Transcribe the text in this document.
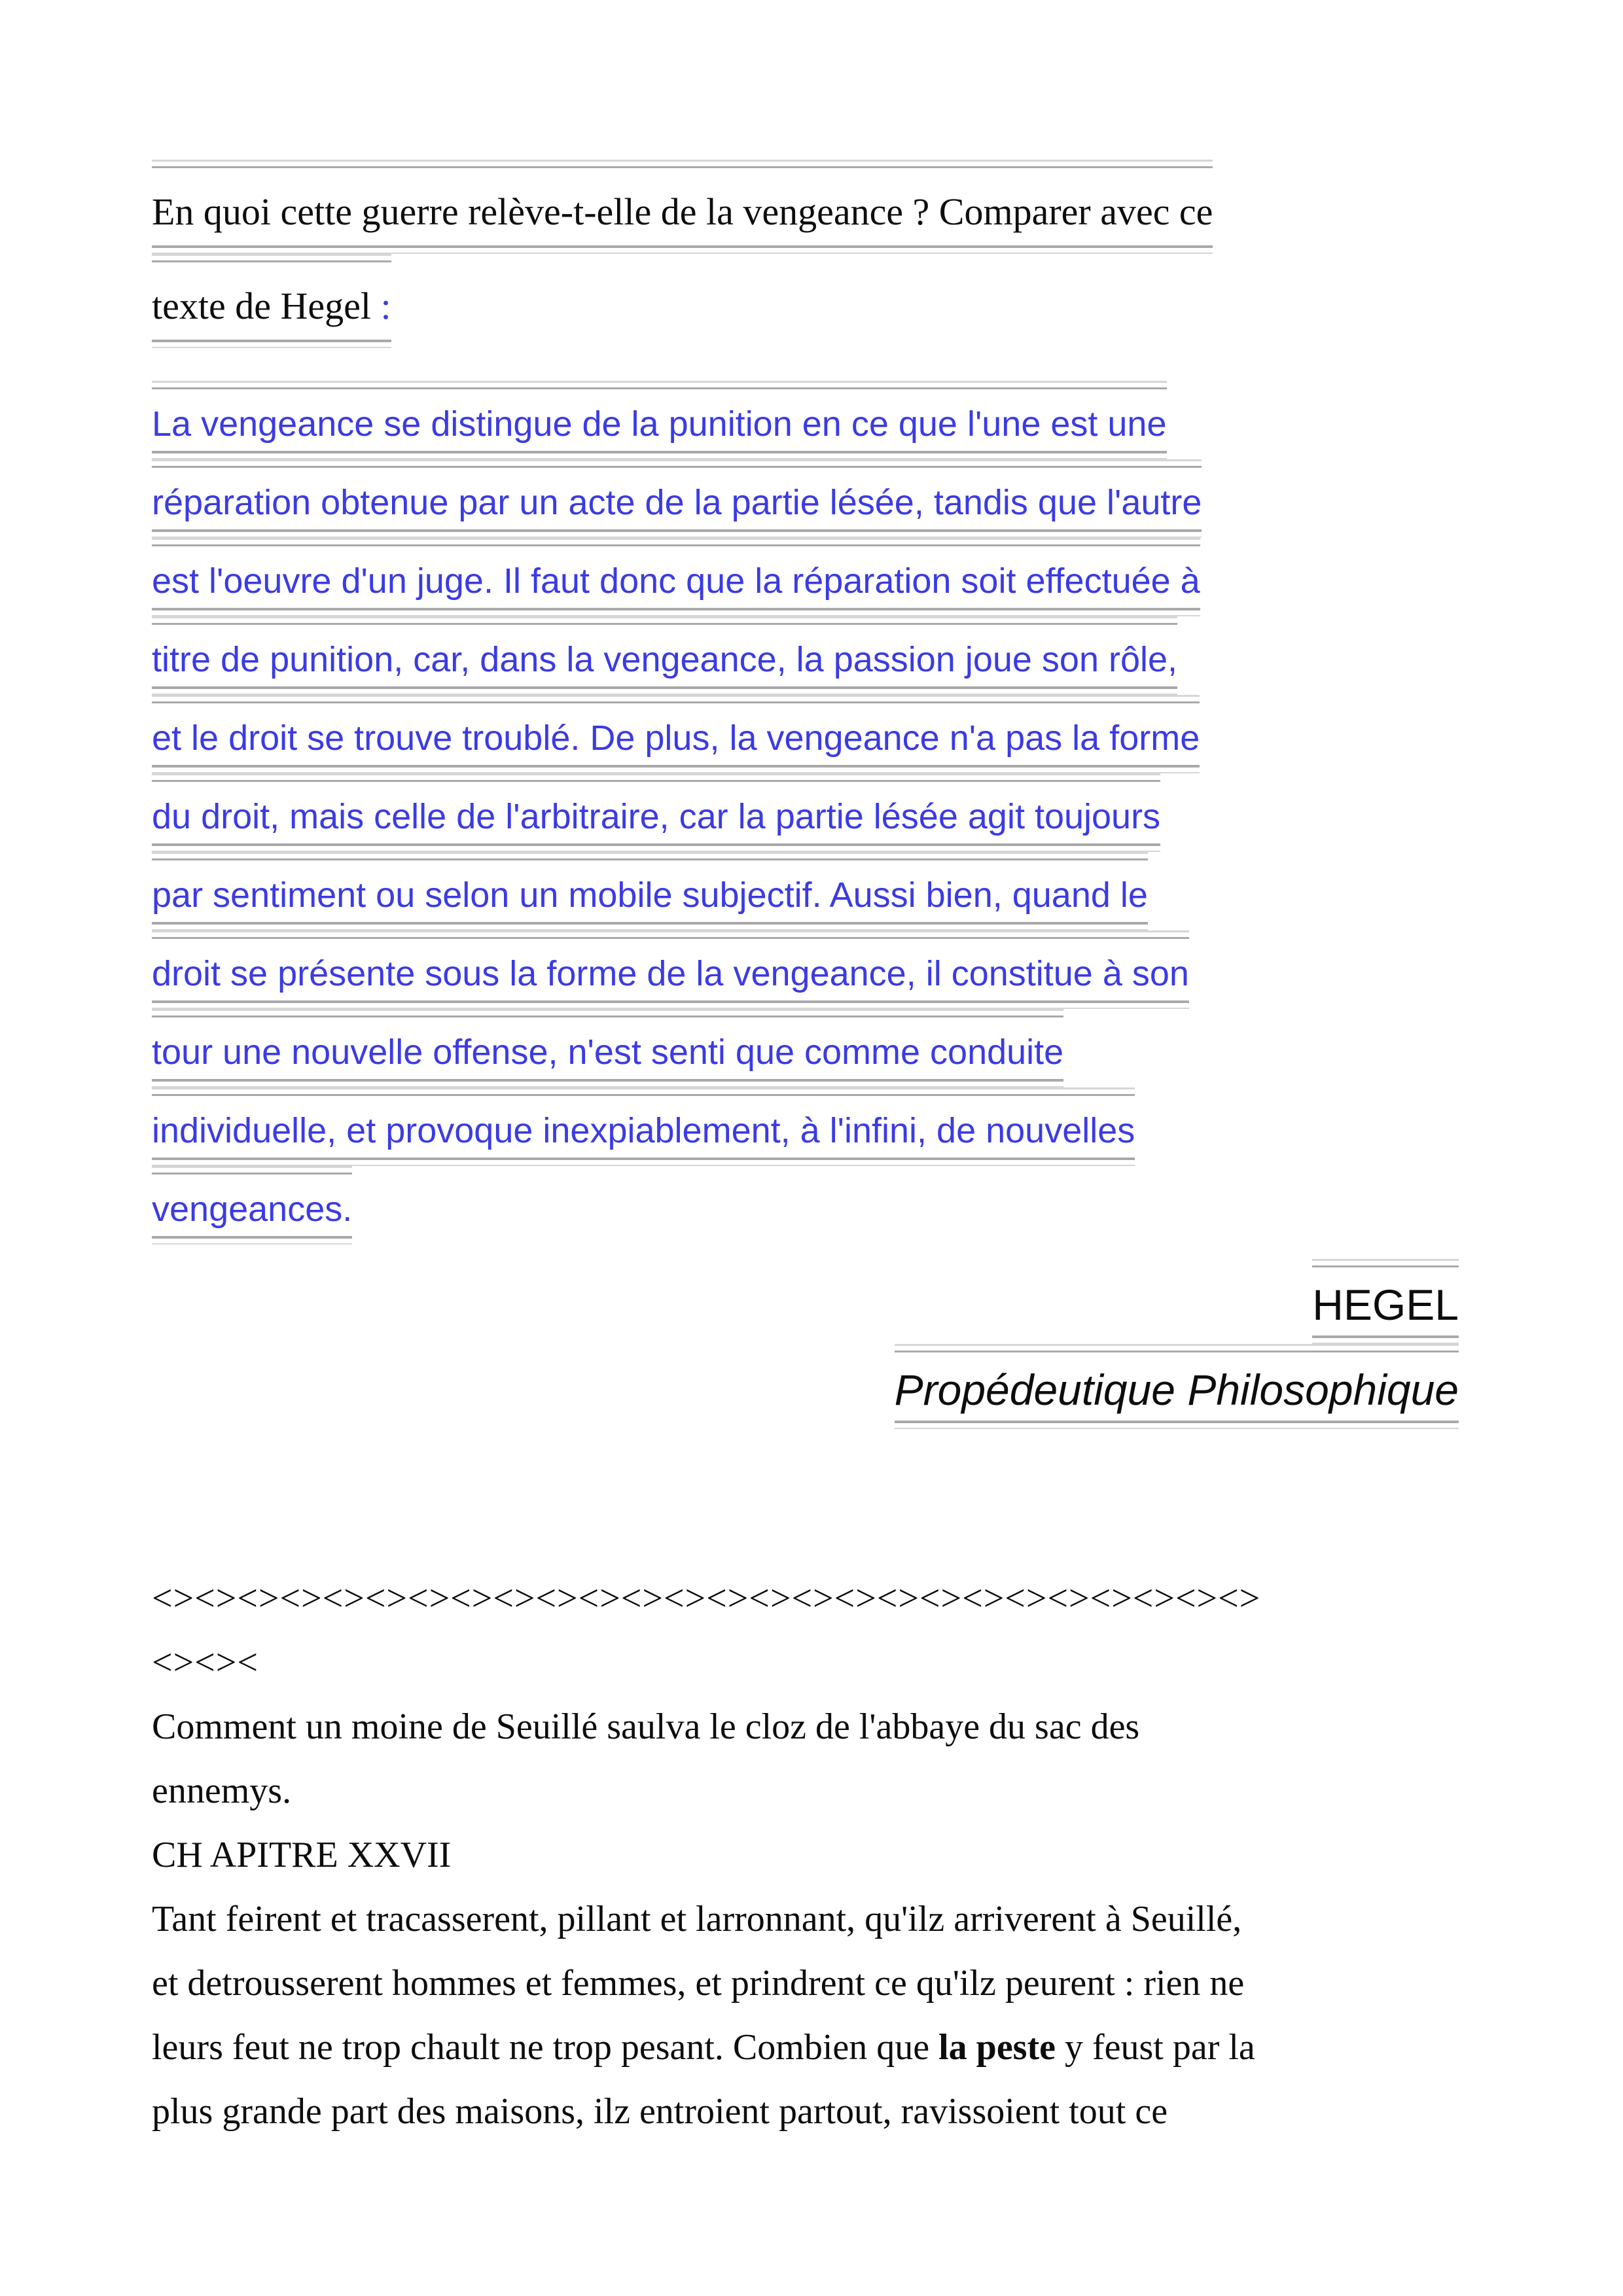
En quoi cette guerre relève-t-elle de la vengeance ? Comparer avec ce
texte de Hegel :
La vengeance se distingue de la punition en ce que l'une est une
réparation obtenue par un acte de la partie lésée, tandis que l'autre
est l'oeuvre d'un juge. Il faut donc que la réparation soit effectuée à
titre de punition, car, dans la vengeance, la passion joue son rôle,
et le droit se trouve troublé. De plus, la vengeance n'a pas la forme
du droit, mais celle de l'arbitraire, car la partie lésée agit toujours
par sentiment ou selon un mobile subjectif. Aussi bien, quand le
droit se présente sous la forme de la vengeance, il constitue à son
tour une nouvelle offense, n'est senti que comme conduite
individuelle, et provoque inexpiablement, à l'infini, de nouvelles
vengeances.
HEGEL
Propédeutique Philosophique
<><><><><><><><><><><><><><><><><><><><><><><><><><>
<><><
Comment un moine de Seuillé saulva le cloz de l'abbaye du sac des
ennemys.
CH APITRE XXVII
Tant feirent et tracasserent, pillant et larronnant, qu'ilz arriverent à Seuillé,
et detrousserent hommes et femmes, et prindrent ce qu'ilz peurent : rien ne
leurs feut ne trop chault ne trop pesant. Combien que la peste y feust par la
plus grande part des maisons, ilz entroient partout, ravissoient tout ce
